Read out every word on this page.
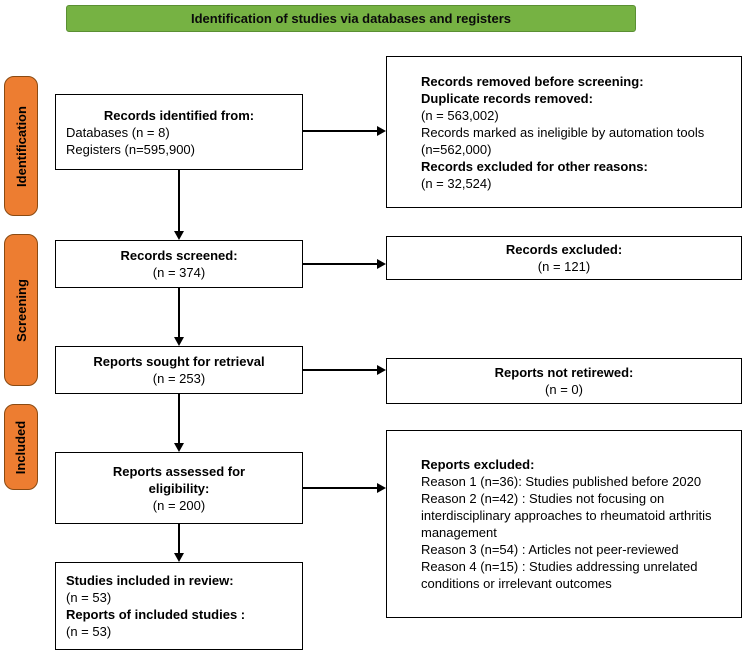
Identification of studies via databases and registers
Identification
Screening
Included
Records identified from:
Databases (n = 8)
Registers (n=595,900)
Records screened:
(n = 374)
Reports sought for retrieval
(n = 253)
Reports assessed for eligibility:
(n = 200)
Studies included in review:
(n = 53)
Reports of included studies :
(n = 53)
Records removed before screening:
Duplicate records removed:
(n = 563,002)
Records marked as ineligible by automation tools (n=562,000)
Records excluded for other reasons:
(n = 32,524)
Records excluded:
(n = 121)
Reports not retirewed:
(n = 0)
Reports excluded:
Reason 1 (n=36): Studies published before 2020
Reason 2 (n=42) : Studies not focusing on interdisciplinary approaches to rheumatoid arthritis management
Reason 3 (n=54) : Articles not peer-reviewed
Reason 4 (n=15) : Studies addressing unrelated conditions or irrelevant outcomes
